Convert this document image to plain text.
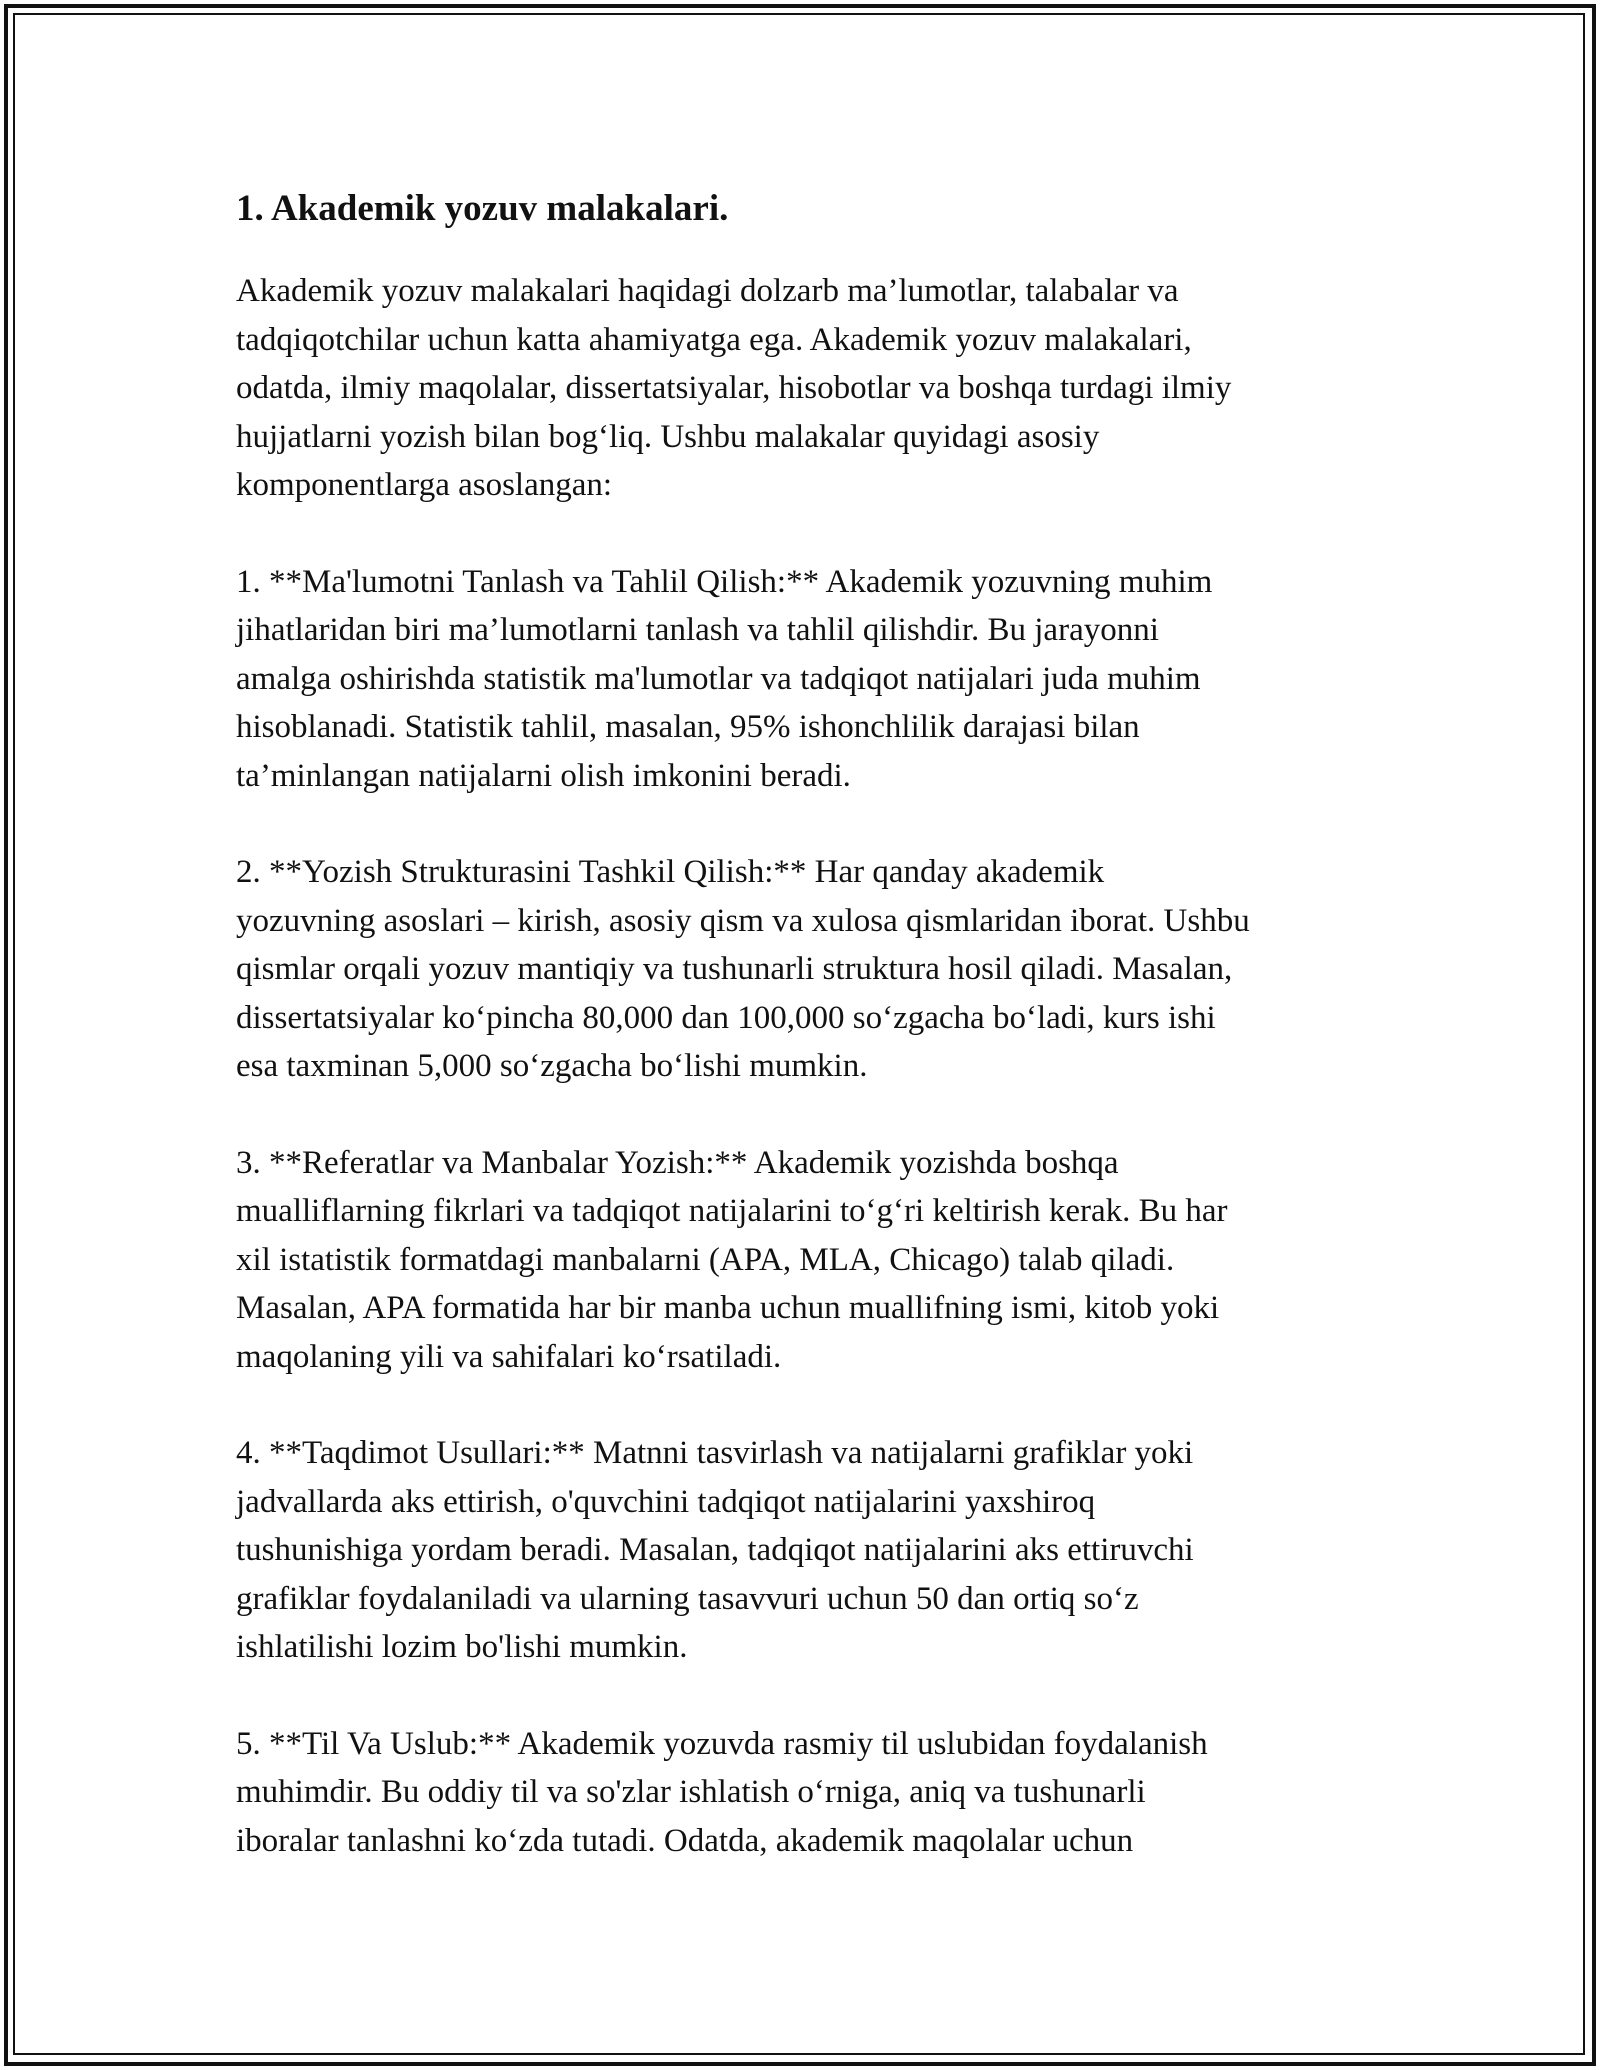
1. Akademik yozuv malakalari.
Akademik yozuv malakalari haqidagi dolzarb ma’lumotlar, talabalar va
tadqiqotchilar uchun katta ahamiyatga ega. Akademik yozuv malakalari,
odatda, ilmiy maqolalar, dissertatsiyalar, hisobotlar va boshqa turdagi ilmiy
hujjatlarni yozish bilan bog‘liq. Ushbu malakalar quyidagi asosiy
komponentlarga asoslangan:
1. **Ma'lumotni Tanlash va Tahlil Qilish:** Akademik yozuvning muhim
jihatlaridan biri ma’lumotlarni tanlash va tahlil qilishdir. Bu jarayonni
amalga oshirishda statistik ma'lumotlar va tadqiqot natijalari juda muhim
hisoblanadi. Statistik tahlil, masalan, 95% ishonchlilik darajasi bilan
ta’minlangan natijalarni olish imkonini beradi.
2. **Yozish Strukturasini Tashkil Qilish:** Har qanday akademik
yozuvning asoslari – kirish, asosiy qism va xulosa qismlaridan iborat. Ushbu
qismlar orqali yozuv mantiqiy va tushunarli struktura hosil qiladi. Masalan,
dissertatsiyalar ko‘pincha 80,000 dan 100,000 so‘zgacha bo‘ladi, kurs ishi
esa taxminan 5,000 so‘zgacha bo‘lishi mumkin.
3. **Referatlar va Manbalar Yozish:** Akademik yozishda boshqa
mualliflarning fikrlari va tadqiqot natijalarini to‘g‘ri keltirish kerak. Bu har
xil istatistik formatdagi manbalarni (APA, MLA, Chicago) talab qiladi.
Masalan, APA formatida har bir manba uchun muallifning ismi, kitob yoki
maqolaning yili va sahifalari ko‘rsatiladi.
4. **Taqdimot Usullari:** Matnni tasvirlash va natijalarni grafiklar yoki
jadvallarda aks ettirish, o'quvchini tadqiqot natijalarini yaxshiroq
tushunishiga yordam beradi. Masalan, tadqiqot natijalarini aks ettiruvchi
grafiklar foydalaniladi va ularning tasavvuri uchun 50 dan ortiq so‘z
ishlatilishi lozim bo'lishi mumkin.
5. **Til Va Uslub:** Akademik yozuvda rasmiy til uslubidan foydalanish
muhimdir. Bu oddiy til va so'zlar ishlatish o‘rniga, aniq va tushunarli
iboralar tanlashni ko‘zda tutadi. Odatda, akademik maqolalar uchun
